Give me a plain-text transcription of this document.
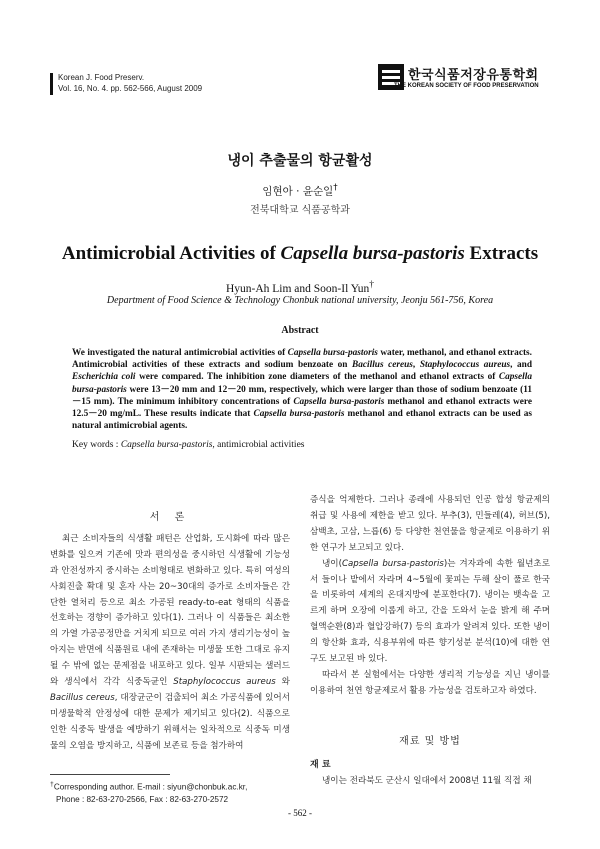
Korean J. Food Preserv.
Vol. 16, No. 4. pp. 562-566, August 2009
한국식품저장유통학회
THE KOREAN SOCIETY OF FOOD PRESERVATION
냉이 추출물의 항균활성
임현아 · 윤순일†
전북대학교 식품공학과
Antimicrobial Activities of Capsella bursa-pastoris Extracts
Hyun-Ah Lim and Soon-Il Yun†
Department of Food Science & Technology Chonbuk national university, Jeonju 561-756, Korea
Abstract
We investigated the natural antimicrobial activities of Capsella bursa-pastoris water, methanol, and ethanol extracts. Antimicrobial activities of these extracts and sodium benzoate on Bacillus cereus, Staphylococcus aureus, and Escherichia coli were compared. The inhibition zone diameters of the methanol and ethanol extracts of Capsella bursa-pastoris were 13－20 mm and 12－20 mm, respectively, which were larger than those of sodium benzoate (11－15 mm). The minimum inhibitory concentrations of Capsella bursa-pastoris methanol and ethanol extracts were 12.5－20 mg/mL. These results indicate that Capsella bursa-pastoris methanol and ethanol extracts can be used as natural antimicrobial agents.
Key words : Capsella bursa-pastoris, antimicrobial activities
서 론

최근 소비자들의 식생활 패턴은 산업화, 도시화에 따라 많은 변화를 일으켜 기존에 맛과 편의성을 중시하던 식생활에 기능성과 안전성까지 중시하는 소비형태로 변화하고 있다. 특히 여성의 사회진출 확대 및 혼자 사는 20~30대의 증가로 소비자들은 간단한 열처리 등으로 최소 가공된 ready-to-eat 형태의 식품을 선호하는 경향이 증가하고 있다(1). 그러나 이 식품들은 최소한의 가열 가공공정만을 거치게 되므로 여러 가지 생리기능성이 높아지는 반면에 식품원료 내에 존재하는 미생물 또한 그대로 유지될 수 밖에 없는 문제점을 내포하고 있다. 일부 시판되는 샐러드와 생식에서 각각 식중독균인 Staphylococcus aureus 와 Bacillus cereus, 대장균군이 검출되어 최소 가공식품에 있어서 미생물학적 안정성에 대한 문제가 제기되고 있다(2). 식품으로 인한 식중독 발생을 예방하기 위해서는 일차적으로 식중독 미생물의 오염을 방지하고, 식품에 보존료 등을 첨가하여

증식을 억제한다. 그러나 종래에 사용되던 인공 합성 항균제의 취급 및 사용에 제한을 받고 있다. 부추(3), 민들레(4), 허브(5), 삼백초, 고삼, 느릅(6) 등 다양한 천연물을 항균제로 이용하기 위한 연구가 보고되고 있다.

냉이(Capsella bursa-pastoris)는 겨자과에 속한 월년초로서 들이나 밭에서 자라며 4~5월에 꽃피는 두해 살이 풀로 한국을 비롯하여 세계의 온대지방에 분포한다(7). 냉이는 뱃속을 고르게 하며 오장에 이롭게 하고, 간을 도와서 눈을 밝게 해 주며 혈액순환(8)과 혈압강하(7) 등의 효과가 알려져 있다. 또한 냉이의 항산화 효과, 식용부위에 따른 향기성분 분석(10)에 대한 연구도 보고된 바 있다.

따라서 본 실험에서는 다양한 생리적 기능성을 지닌 냉이를 이용하여 천연 항균제로서 활용 가능성을 검토하고자 하였다.

재료 및 방법
재 료

냉이는 전라북도 군산시 일대에서 2008년 11월 직접 채

†Corresponding author. E-mail : siyun@chonbuk.ac.kr,
Phone : 82-63-270-2566, Fax : 82-63-270-2572
- 562 -
